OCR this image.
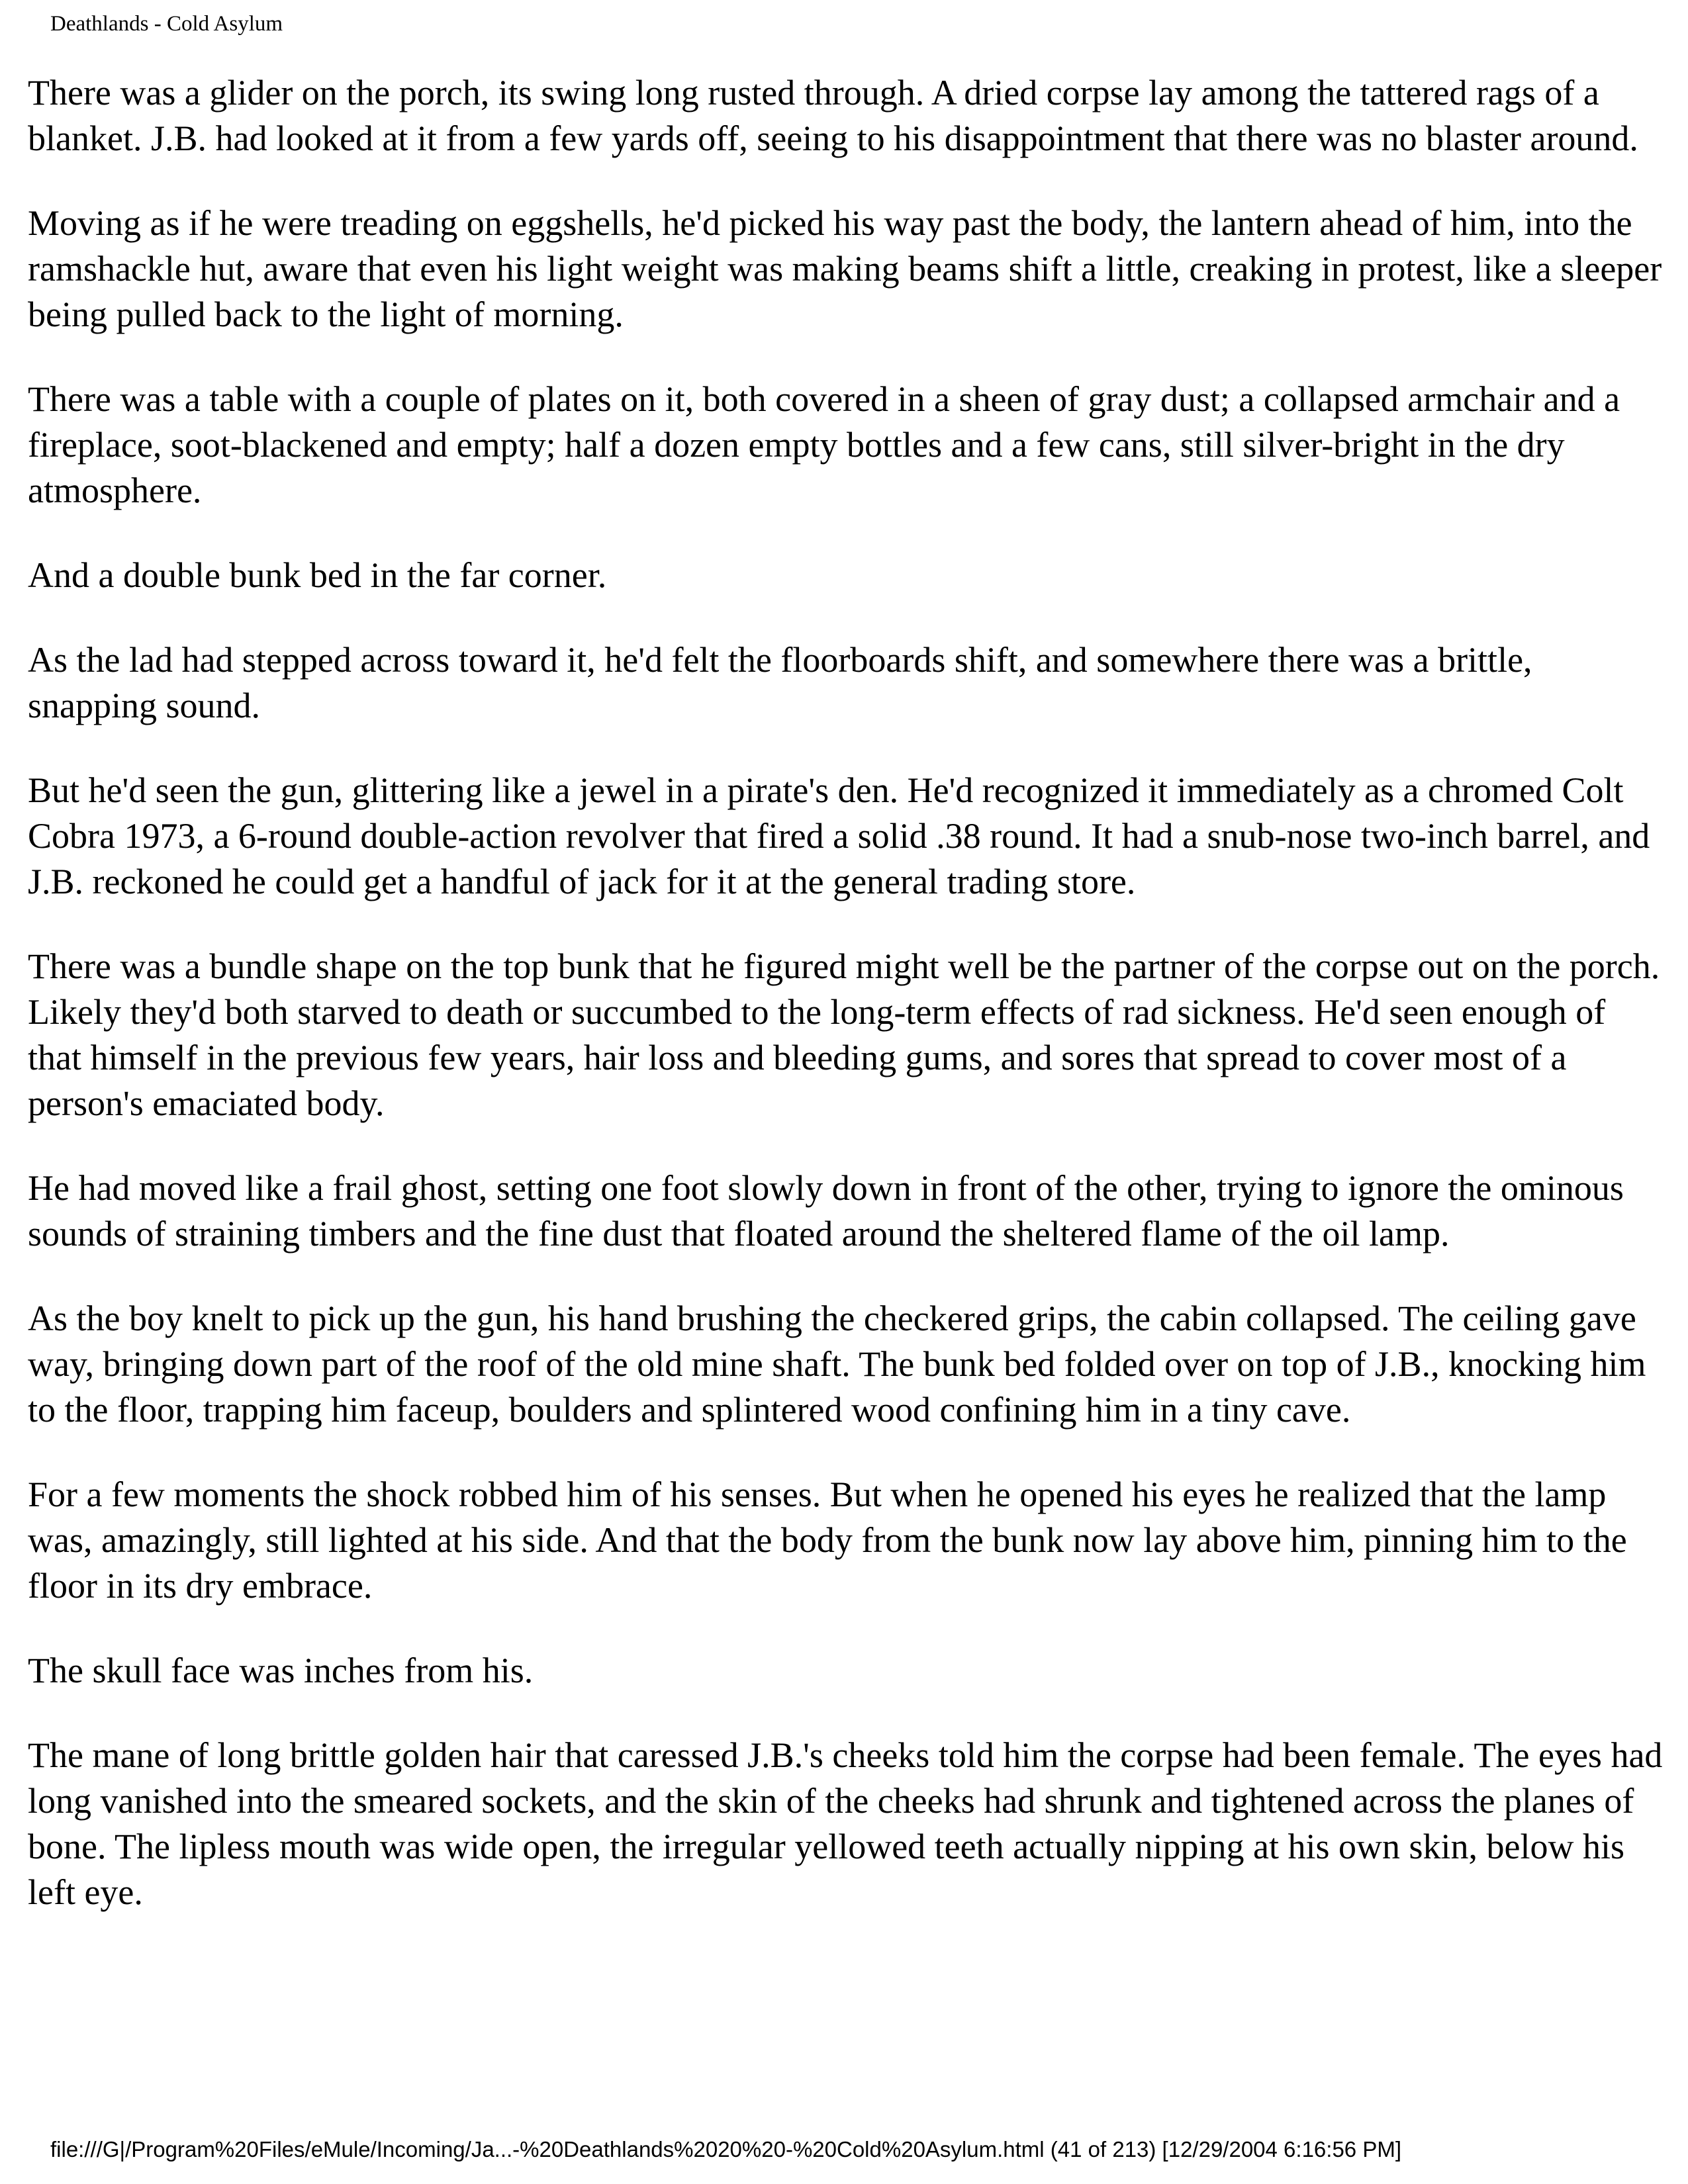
Deathlands - Cold Asylum

There was a glider on the porch, its swing long rusted through. A dried corpse lay among the tattered rags of a blanket. J.B. had looked at it from a few yards off, seeing to his disappointment that there was no blaster around.

Moving as if he were treading on eggshells, he'd picked his way past the body, the lantern ahead of him, into the ramshackle hut, aware that even his light weight was making beams shift a little, creaking in protest, like a sleeper being pulled back to the light of morning.

There was a table with a couple of plates on it, both covered in a sheen of gray dust; a collapsed armchair and a fireplace, soot-blackened and empty; half a dozen empty bottles and a few cans, still silver-bright in the dry atmosphere.

And a double bunk bed in the far corner.

As the lad had stepped across toward it, he'd felt the floorboards shift, and somewhere there was a brittle, snapping sound.

But he'd seen the gun, glittering like a jewel in a pirate's den. He'd recognized it immediately as a chromed Colt Cobra 1973, a 6-round double-action revolver that fired a solid .38 round. It had a snub-nose two-inch barrel, and J.B. reckoned he could get a handful of jack for it at the general trading store.

There was a bundle shape on the top bunk that he figured might well be the partner of the corpse out on the porch. Likely they'd both starved to death or succumbed to the long-term effects of rad sickness. He'd seen enough of that himself in the previous few years, hair loss and bleeding gums, and sores that spread to cover most of a person's emaciated body.

He had moved like a frail ghost, setting one foot slowly down in front of the other, trying to ignore the ominous sounds of straining timbers and the fine dust that floated around the sheltered flame of the oil lamp.

As the boy knelt to pick up the gun, his hand brushing the checkered grips, the cabin collapsed. The ceiling gave way, bringing down part of the roof of the old mine shaft. The bunk bed folded over on top of J.B., knocking him to the floor, trapping him faceup, boulders and splintered wood confining him in a tiny cave.

For a few moments the shock robbed him of his senses. But when he opened his eyes he realized that the lamp was, amazingly, still lighted at his side. And that the body from the bunk now lay above him, pinning him to the floor in its dry embrace.

The skull face was inches from his.

The mane of long brittle golden hair that caressed J.B.'s cheeks told him the corpse had been female. The eyes had long vanished into the smeared sockets, and the skin of the cheeks had shrunk and tightened across the planes of bone. The lipless mouth was wide open, the irregular yellowed teeth actually nipping at his own skin, below his left eye.

file:///G|/Program%20Files/eMule/Incoming/Ja...-%20Deathlands%2020%20-%20Cold%20Asylum.html (41 of 213) [12/29/2004 6:16:56 PM]
